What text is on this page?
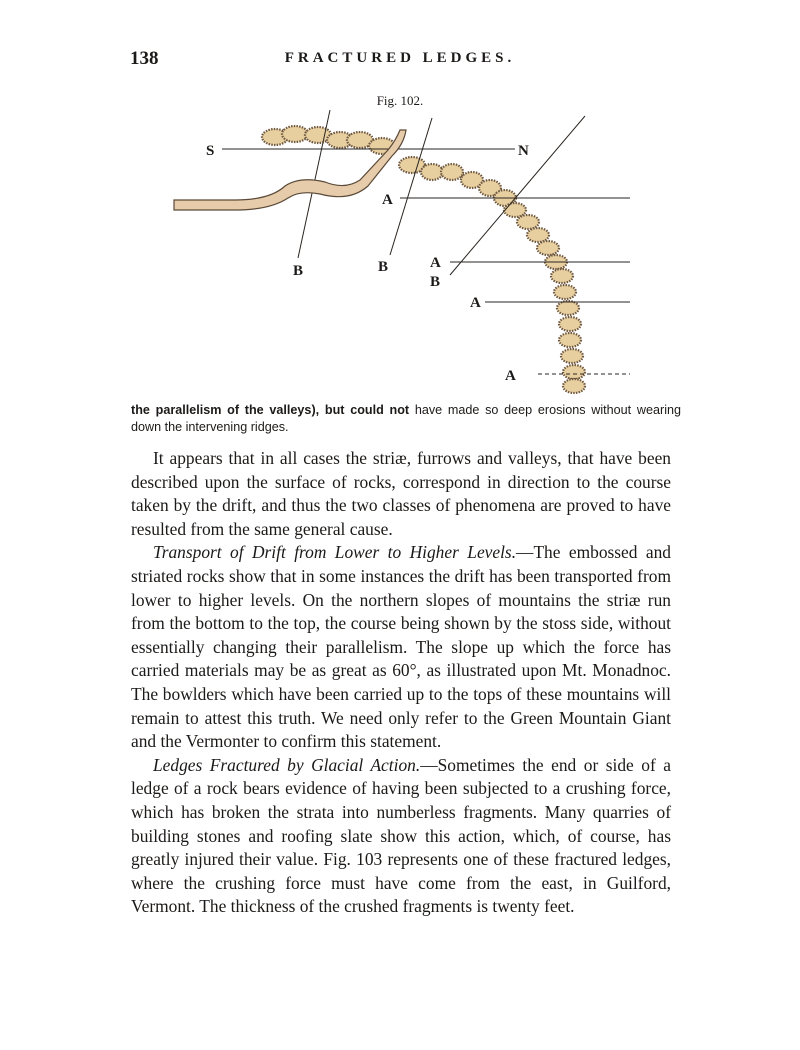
138	FRACTURED LEDGES.
Fig. 102.
S	N
A
A
A
A
B	B
B
the parallelism of the valleys), but could not have made so deep erosions without wearing down the intervening ridges.

It appears that in all cases the striæ, furrows and valleys, that have been described upon the surface of rocks, correspond in direction to the course taken by the drift, and thus the two classes of phenomena are proved to have resulted from the same general cause.

Transport of Drift from Lower to Higher Levels.—The embossed and striated rocks show that in some instances the drift has been transported from lower to higher levels. On the northern slopes of mountains the striæ run from the bottom to the top, the course being shown by the stoss side, without essentially changing their parallelism. The slope up which the force has carried materials may be as great as 60°, as illustrated upon Mt. Monadnoc. The bowlders which have been carried up to the tops of these mountains will remain to attest this truth. We need only refer to the Green Mountain Giant and the Vermonter to confirm this statement.

Ledges Fractured by Glacial Action.—Sometimes the end or side of a ledge of a rock bears evidence of having been subjected to a crushing force, which has broken the strata into numberless fragments. Many quarries of building stones and roofing slate show this action, which, of course, has greatly injured their value. Fig. 103 represents one of these fractured ledges, where the crushing force must have come from the east, in Guilford, Vermont. The thickness of the crushed fragments is twenty feet.
